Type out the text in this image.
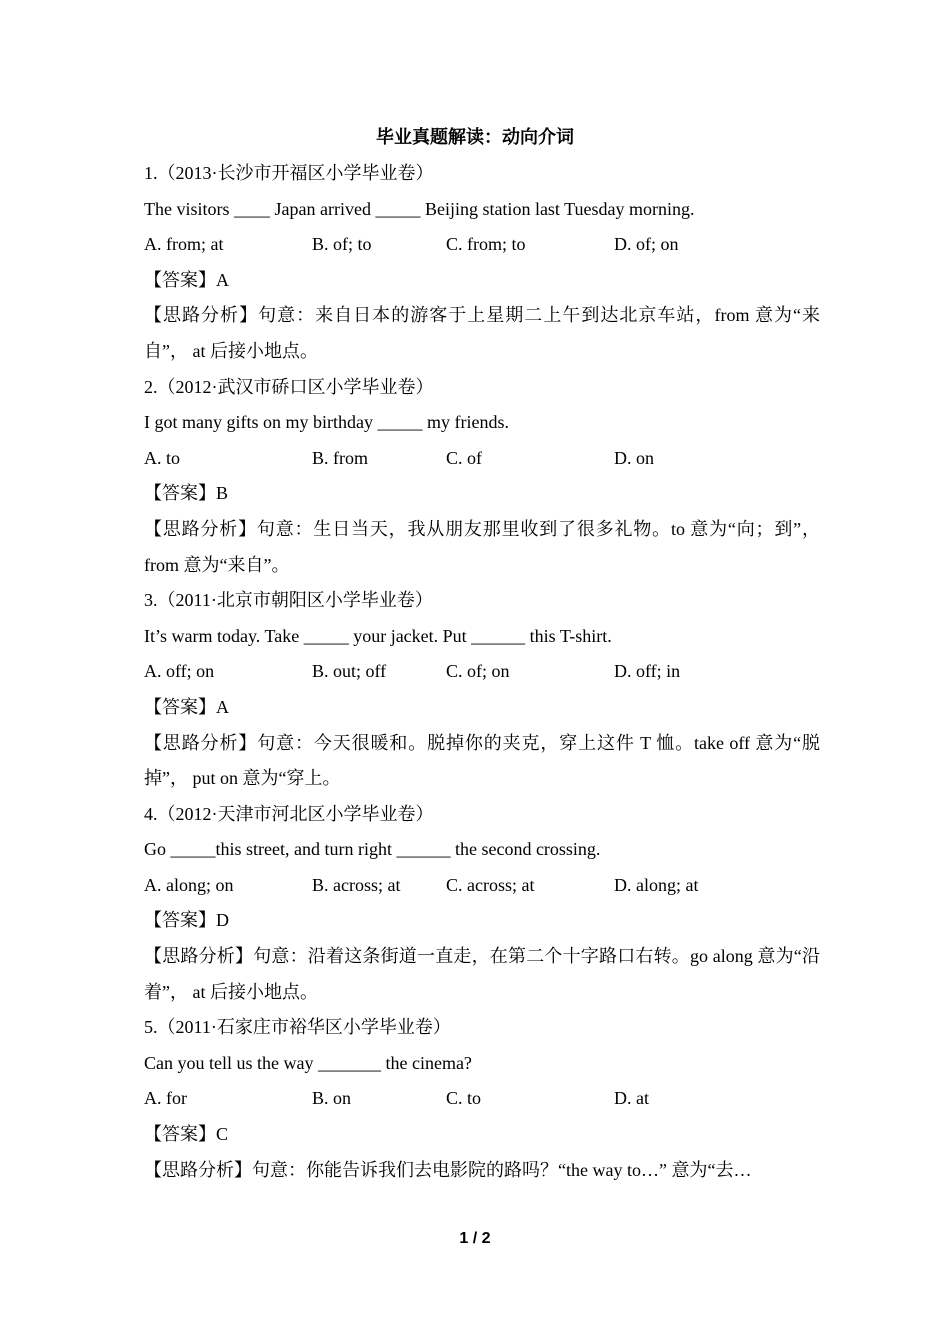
毕业真题解读：动向介词
1.（2013·长沙市开福区小学毕业卷）
The visitors ____ Japan arrived _____ Beijing station last Tuesday morning.
A. from; at	B. of; to	C. from; to	D. of; on
【答案】A
【思路分析】句意：来自日本的游客于上星期二上午到达北京车站，from 意为“来自”， at 后接小地点。
2.（2012·武汉市硚口区小学毕业卷）
I got many gifts on my birthday _____ my friends.
A. to	B. from	C. of	D. on
【答案】B
【思路分析】句意：生日当天，我从朋友那里收到了很多礼物。to 意为“向；到”，from 意为“来自”。
3.（2011·北京市朝阳区小学毕业卷）
It’s warm today. Take _____ your jacket. Put ______ this T-shirt.
A. off; on	B. out; off	C. of; on	D. off; in
【答案】A
【思路分析】句意：今天很暖和。脱掉你的夹克，穿上这件 T 恤。take off 意为“脱掉”， put on 意为“穿上。
4.（2012·天津市河北区小学毕业卷）
Go _____this street, and turn right ______ the second crossing.
A. along; on	B. across; at	C. across; at	D. along; at
【答案】D
【思路分析】句意：沿着这条街道一直走，在第二个十字路口右转。go along 意为“沿着”， at 后接小地点。
5.（2011·石家庄市裕华区小学毕业卷）
Can you tell us the way _______ the cinema?
A. for	B. on	C. to	D. at
【答案】C
【思路分析】句意：你能告诉我们去电影院的路吗？“the way to…” 意为“去…
1 / 2
